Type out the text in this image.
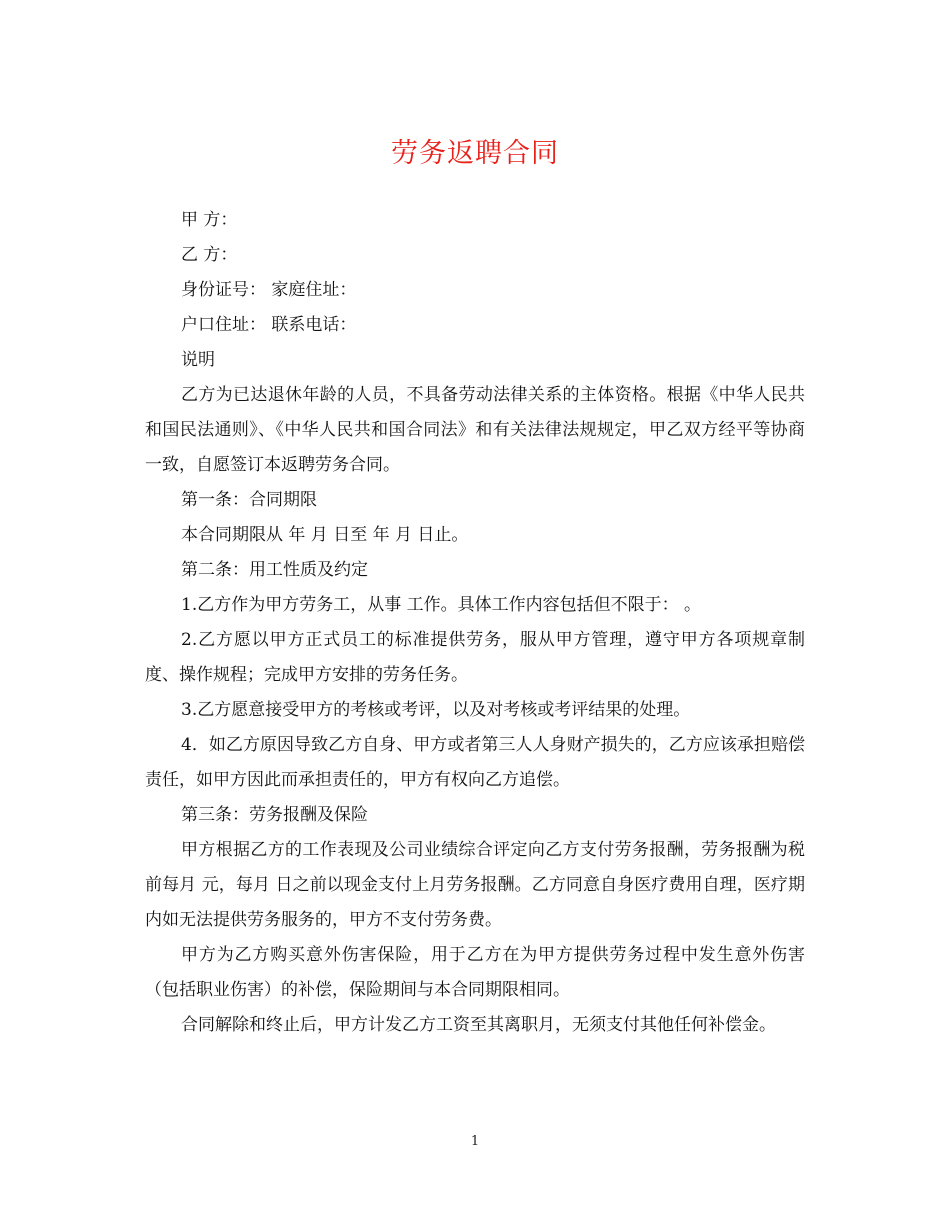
劳务返聘合同

甲 方：

乙 方：

身份证号： 家庭住址：

户口住址： 联系电话：

说明

乙方为已达退休年龄的人员，不具备劳动法律关系的主体资格。根据《中华人民共和国民法通则》、《中华人民共和国合同法》和有关法律法规规定，甲乙双方经平等协商一致，自愿签订本返聘劳务合同。

第一条：合同期限

本合同期限从 年 月 日至 年 月 日止。

第二条：用工性质及约定

1.乙方作为甲方劳务工，从事 工作。具体工作内容包括但不限于： 。

2.乙方愿以甲方正式员工的标准提供劳务，服从甲方管理，遵守甲方各项规章制度、操作规程；完成甲方安排的劳务任务。

3.乙方愿意接受甲方的考核或考评，以及对考核或考评结果的处理。

4．如乙方原因导致乙方自身、甲方或者第三人人身财产损失的，乙方应该承担赔偿责任，如甲方因此而承担责任的，甲方有权向乙方追偿。

第三条：劳务报酬及保险

甲方根据乙方的工作表现及公司业绩综合评定向乙方支付劳务报酬，劳务报酬为税前每月 元，每月 日之前以现金支付上月劳务报酬。乙方同意自身医疗费用自理，医疗期内如无法提供劳务服务的，甲方不支付劳务费。

甲方为乙方购买意外伤害保险，用于乙方在为甲方提供劳务过程中发生意外伤害（包括职业伤害）的补偿，保险期间与本合同期限相同。

合同解除和终止后，甲方计发乙方工资至其离职月，无须支付其他任何补偿金。

1
